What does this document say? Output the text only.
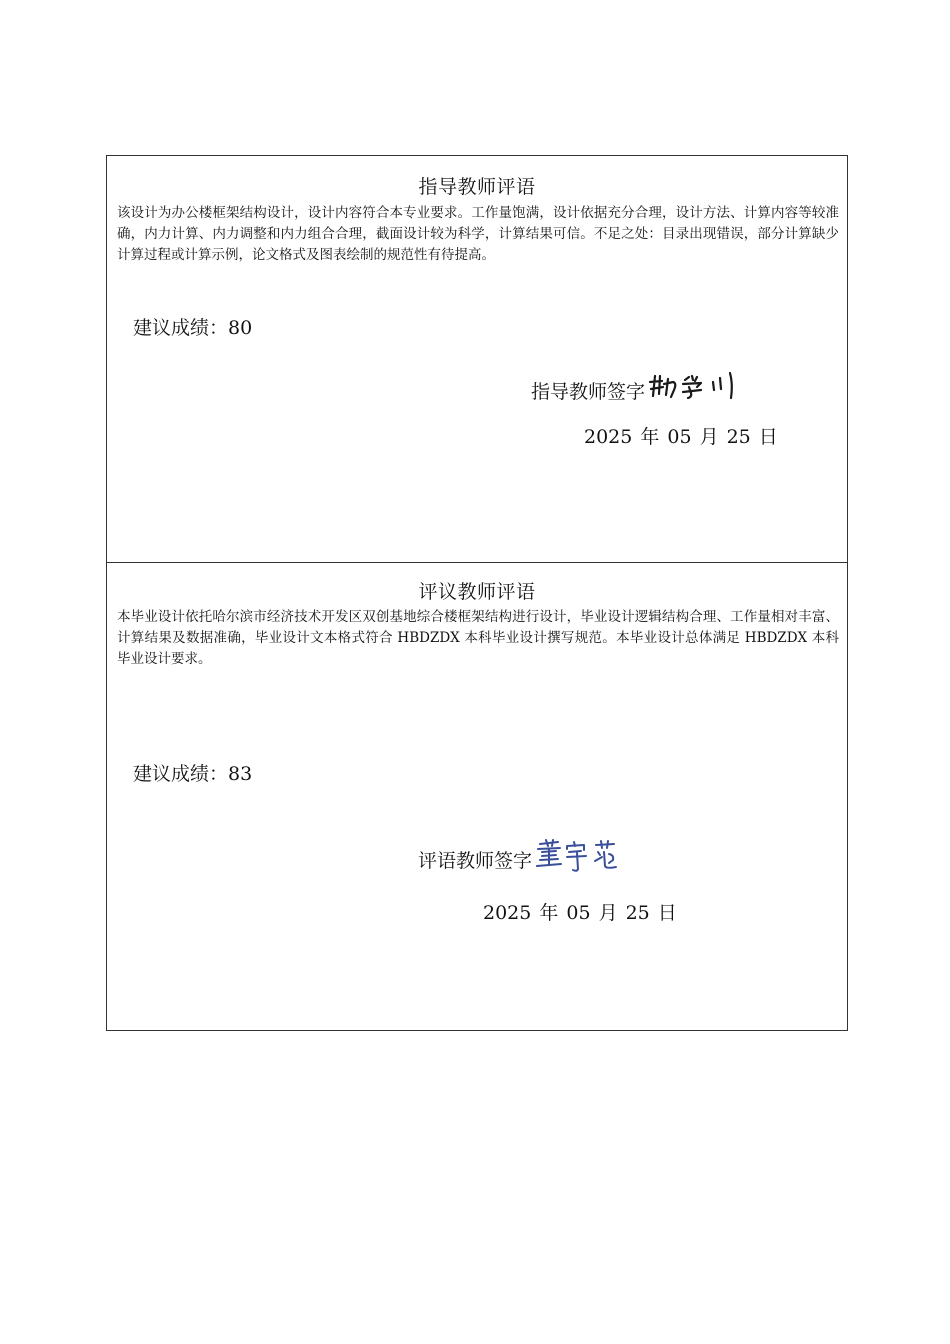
指导教师评语
该设计为办公楼框架结构设计，设计内容符合本专业要求。工作量饱满，设计依据充分合理，设计方法、计算内容等较准确，内力计算、内力调整和内力组合合理，截面设计较为科学，计算结果可信。不足之处：目录出现错误，部分计算缺少计算过程或计算示例，论文格式及图表绘制的规范性有待提高。
建议成绩：80
指导教师签字
2025 年 05 月 25 日
评议教师评语
本毕业设计依托哈尔滨市经济技术开发区双创基地综合楼框架结构进行设计，毕业设计逻辑结构合理、工作量相对丰富、计算结果及数据准确，毕业设计文本格式符合 HBDZDX 本科毕业设计撰写规范。本毕业设计总体满足 HBDZDX 本科毕业设计要求。
建议成绩：83
评语教师签字
2025 年 05 月 25 日
